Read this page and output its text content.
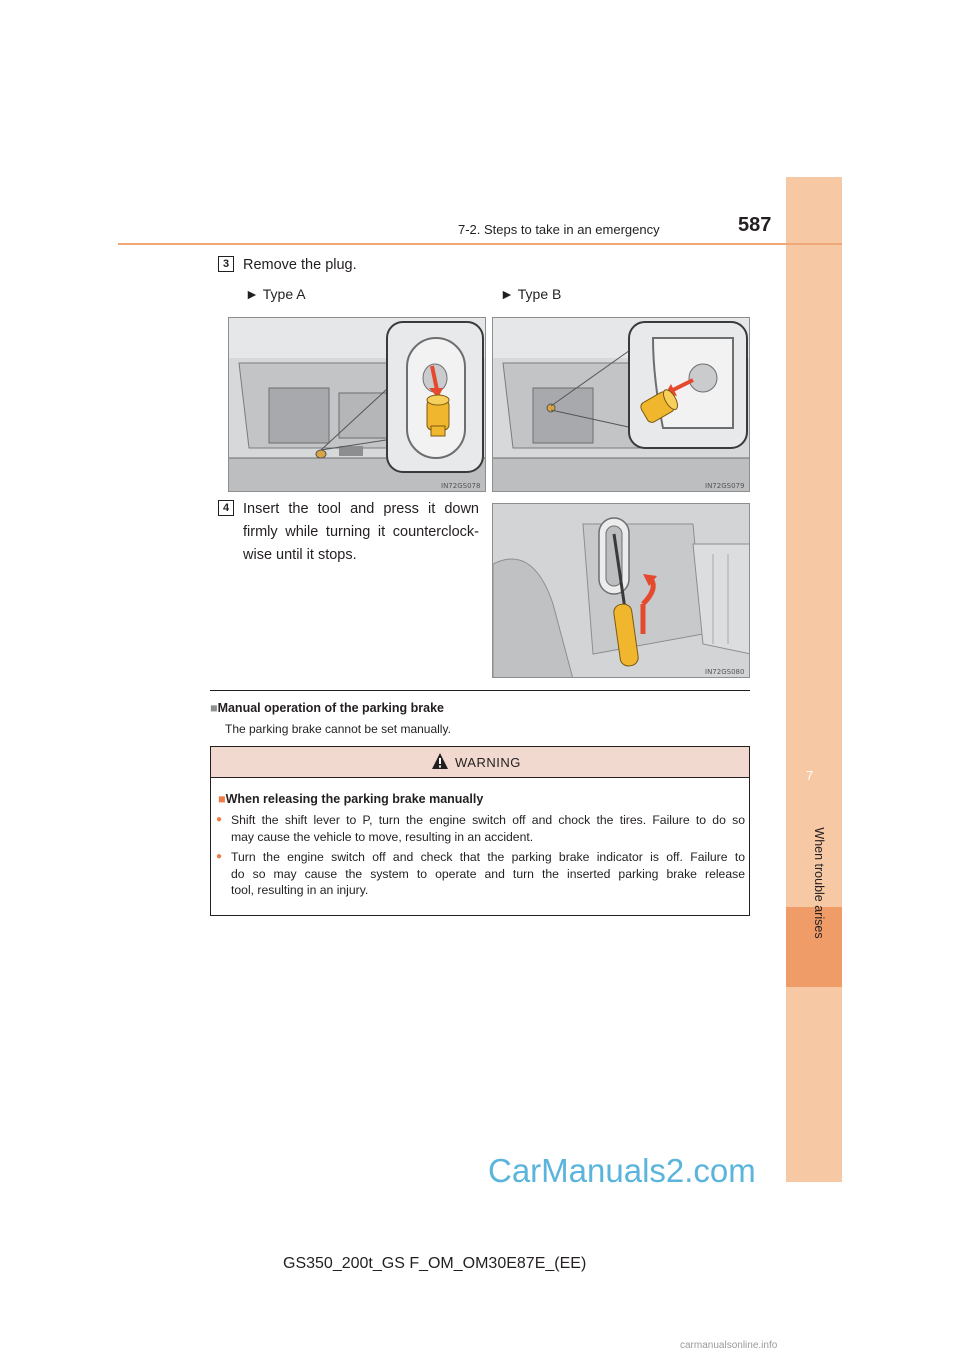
7
When trouble arises
7-2. Steps to take in an emergency	587
3 Remove the plug.
► Type A	► Type B
IN72GS078	IN72GS079
4 Insert the tool and press it down
firmly while turning it counterclock-
wise until it stops.
IN72GS080
■Manual operation of the parking brake
The parking brake cannot be set manually.
WARNING
■When releasing the parking brake manually
● Shift the shift lever to P, turn the engine switch off and chock the tires. Failure to do so
may cause the vehicle to move, resulting in an accident.
● Turn the engine switch off and check that the parking brake indicator is off. Failure to
do so may cause the system to operate and turn the inserted parking brake release
tool, resulting in an injury.
CarManuals2.com
GS350_200t_GS F_OM_OM30E87E_(EE)
carmanualsonline.info
